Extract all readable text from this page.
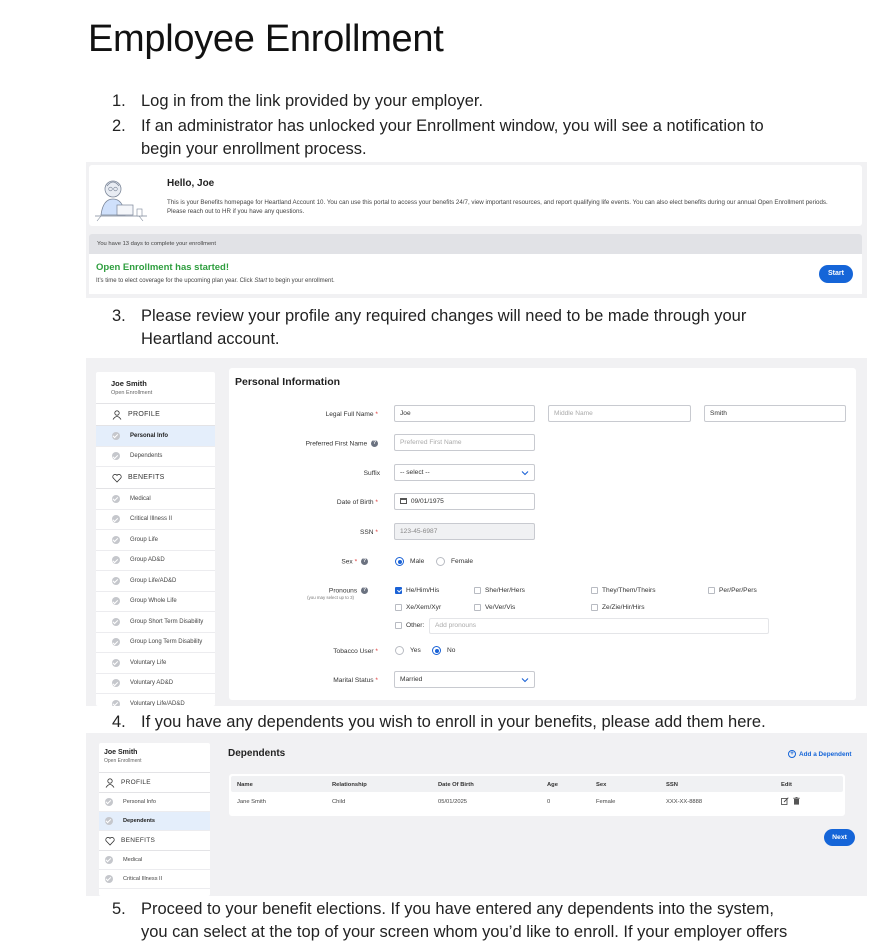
Employee Enrollment
1. Log in from the link provided by your employer.
2. If an administrator has unlocked your Enrollment window, you will see a notification to begin your enrollment process.
Hello, Joe
This is your Benefits homepage for Heartland Account 10. You can use this portal to access your benefits 24/7, view important resources, and report qualifying life events. You can also elect benefits during our annual Open Enrollment periods. Please reach out to HR if you have any questions.
You have 13 days to complete your enrollment
Open Enrollment has started!
It’s time to elect coverage for the upcoming plan year. Click Start to begin your enrollment.
Start
3. Please review your profile any required changes will need to be made through your Heartland account.
Joe Smith
Open Enrollment
PROFILE
Personal Info
Dependents
BENEFITS
Medical
Critical Illness II
Group Life
Group AD&D
Group Life/AD&D
Group Whole Life
Group Short Term Disability
Group Long Term Disability
Voluntary Life
Voluntary AD&D
Voluntary Life/AD&D
Personal Information
Legal Full Name *	Joe	Middle Name	Smith
Preferred First Name ?	Preferred First Name
Suffix	-- select --
Date of Birth *	09/01/1975
SSN *	123-45-6987
Sex * ?	Male	Female
Pronouns ?
(you may select up to 3)
He/Him/His	She/Her/Hers	They/Them/Theirs	Per/Per/Pers
Xe/Xem/Xyr	Ve/Ver/Vis	Ze/Zie/Hir/Hirs
Other:	Add pronouns
Tobacco User *	Yes	No
Marital Status *	Married
4. If you have any dependents you wish to enroll in your benefits, please add them here.
Joe Smith
Open Enrollment
PROFILE
Personal Info
Dependents
BENEFITS
Medical
Critical Illness II
Dependents	+ Add a Dependent
Name	Relationship	Date Of Birth	Age	Sex	SSN	Edit
Jane Smith	Child	05/01/2025	0	Female	XXX-XX-8888
Next
5. Proceed to your benefit elections. If you have entered any dependents into the system, you can select at the top of your screen whom you’d like to enroll. If your employer offers
